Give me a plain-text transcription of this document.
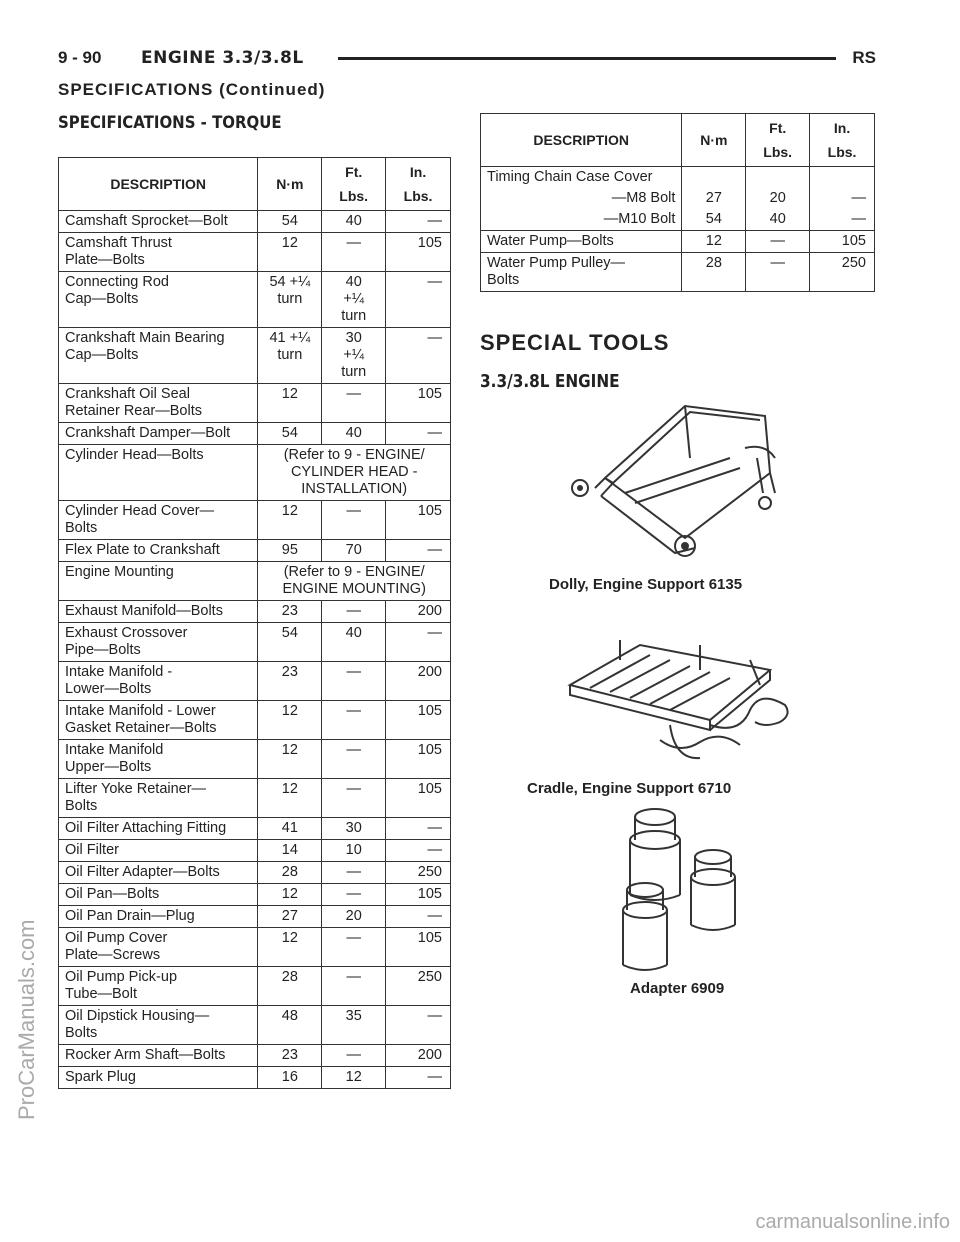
9 - 90 ENGINE 3.3/3.8L	RS
SPECIFICATIONS (Continued)
SPECIFICATIONS - TORQUE
DESCRIPTION	N·m	Ft.
Lbs.	In.
Lbs.
Camshaft Sprocket—Bolt	54	40	—
Camshaft Thrust
Plate—Bolts	12	—	105
Connecting Rod
Cap—Bolts	54 +¼
turn	40
+¼
turn	—
Crankshaft Main Bearing
Cap—Bolts	41 +¼
turn	30
+¼
turn	—
Crankshaft Oil Seal
Retainer Rear—Bolts	12	—	105
Crankshaft Damper—Bolt	54	40	—
Cylinder Head—Bolts	(Refer to 9 - ENGINE/
CYLINDER HEAD -
INSTALLATION)		
Cylinder Head Cover—
Bolts	12	—	105
Flex Plate to Crankshaft	95	70	—
Engine Mounting	(Refer to 9 - ENGINE/
ENGINE MOUNTING)		
Exhaust Manifold—Bolts	23	—	200
Exhaust Crossover
Pipe—Bolts	54	40	—
Intake Manifold -
Lower—Bolts	23	—	200
Intake Manifold - Lower
Gasket Retainer—Bolts	12	—	105
Intake Manifold
Upper—Bolts	12	—	105
Lifter Yoke Retainer—
Bolts	12	—	105
Oil Filter Attaching Fitting	41	30	—
Oil Filter	14	10	—
Oil Filter Adapter—Bolts	28	—	250
Oil Pan—Bolts	12	—	105
Oil Pan Drain—Plug	27	20	—
Oil Pump Cover
Plate—Screws	12	—	105
Oil Pump Pick-up
Tube—Bolt	28	—	250
Oil Dipstick Housing—
Bolts	48	35	—
Rocker Arm Shaft—Bolts	23	—	200
Spark Plug	16	12	—
DESCRIPTION	N·m	Ft.
Lbs.	In.
Lbs.
Timing Chain Case Cover			
—M8 Bolt	27	20	—
—M10 Bolt	54	40	—
Water Pump—Bolts	12	—	105
Water Pump Pulley—
Bolts	28	—	250
SPECIAL TOOLS
3.3/3.8L ENGINE
Dolly, Engine Support 6135
Cradle, Engine Support 6710
Adapter 6909
ProCarManuals.com
carmanualsonline.info
